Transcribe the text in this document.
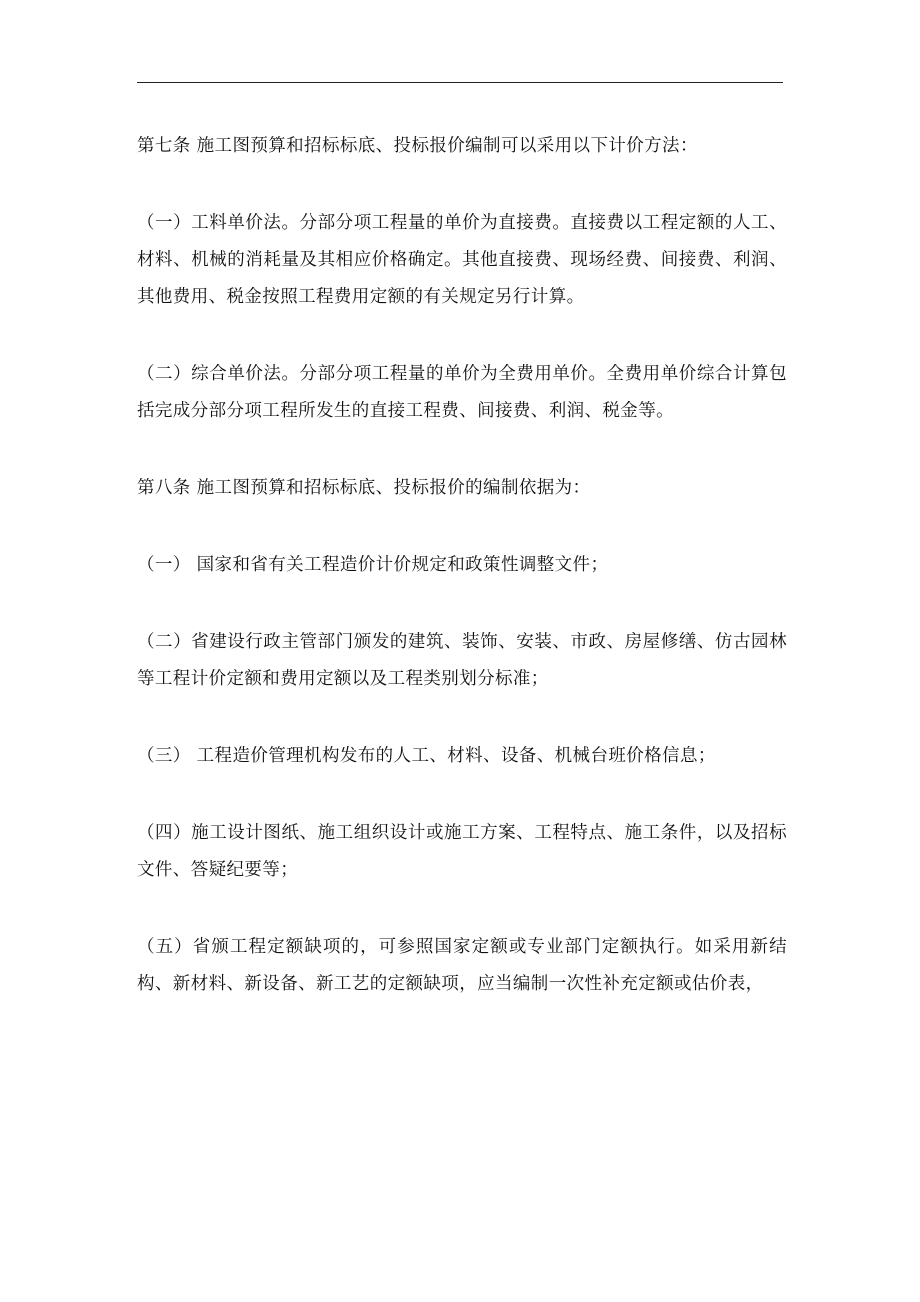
第七条 施工图预算和招标标底、投标报价编制可以采用以下计价方法：

（一）工料单价法。分部分项工程量的单价为直接费。直接费以工程定额的人工、材料、机械的消耗量及其相应价格确定。其他直接费、现场经费、间接费、利润、其他费用、税金按照工程费用定额的有关规定另行计算。

（二）综合单价法。分部分项工程量的单价为全费用单价。全费用单价综合计算包括完成分部分项工程所发生的直接工程费、间接费、利润、税金等。

第八条 施工图预算和招标标底、投标报价的编制依据为：

（一） 国家和省有关工程造价计价规定和政策性调整文件；

（二）省建设行政主管部门颁发的建筑、装饰、安装、市政、房屋修缮、仿古园林等工程计价定额和费用定额以及工程类别划分标准；

（三） 工程造价管理机构发布的人工、材料、设备、机械台班价格信息；

（四）施工设计图纸、施工组织设计或施工方案、工程特点、施工条件，以及招标文件、答疑纪要等；

（五）省颁工程定额缺项的，可参照国家定额或专业部门定额执行。如采用新结构、新材料、新设备、新工艺的定额缺项，应当编制一次性补充定额或估价表，
